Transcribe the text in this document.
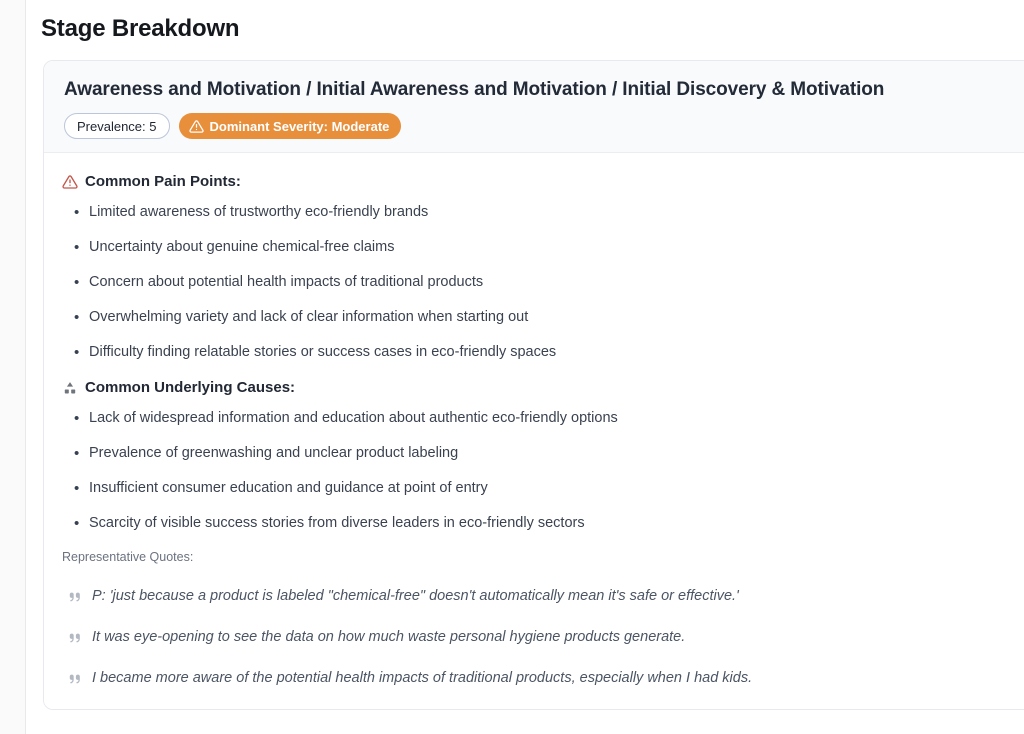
Stage Breakdown
Awareness and Motivation / Initial Awareness and Motivation / Initial Discovery & Motivation
Prevalence: 5	Dominant Severity: Moderate
Common Pain Points:
• Limited awareness of trustworthy eco-friendly brands
• Uncertainty about genuine chemical-free claims
• Concern about potential health impacts of traditional products
• Overwhelming variety and lack of clear information when starting out
• Difficulty finding relatable stories or success cases in eco-friendly spaces
Common Underlying Causes:
• Lack of widespread information and education about authentic eco-friendly options
• Prevalence of greenwashing and unclear product labeling
• Insufficient consumer education and guidance at point of entry
• Scarcity of visible success stories from diverse leaders in eco-friendly sectors
Representative Quotes:
P: 'just because a product is labeled "chemical-free" doesn't automatically mean it's safe or effective.'
It was eye-opening to see the data on how much waste personal hygiene products generate.
I became more aware of the potential health impacts of traditional products, especially when I had kids.
